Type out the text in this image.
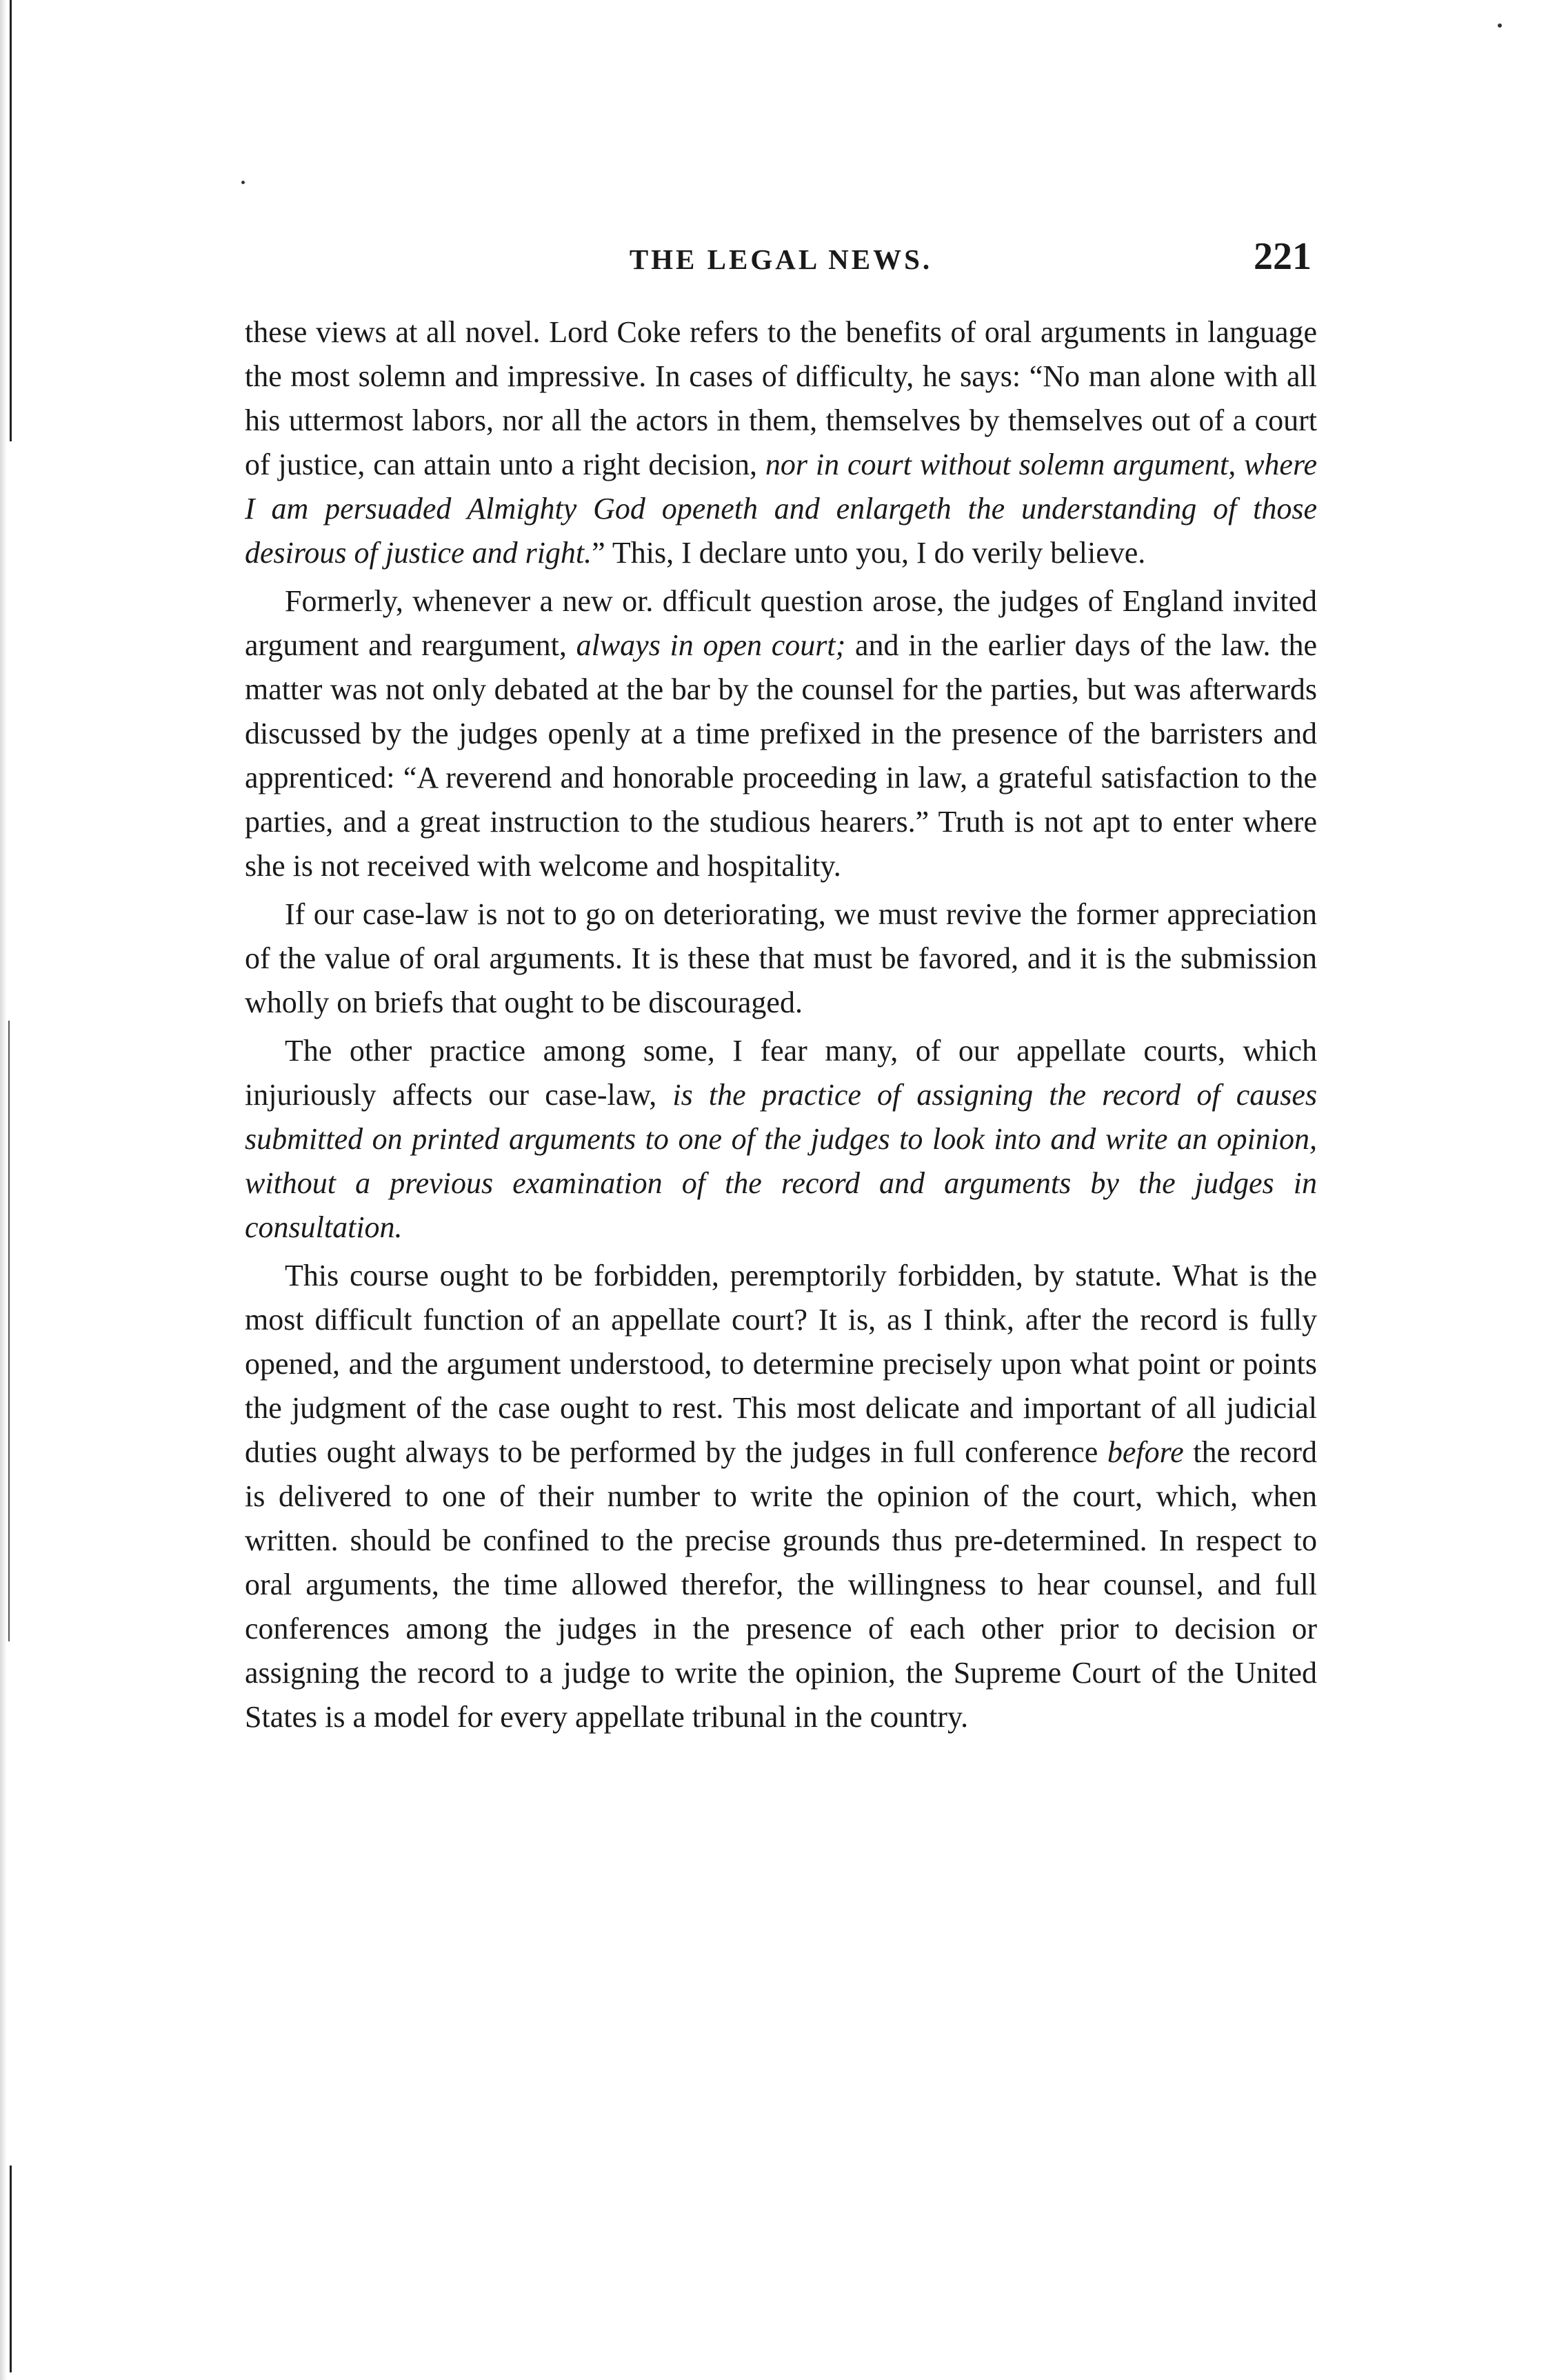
THE LEGAL NEWS.	221

these views at all novel. Lord Coke refers to the benefits of oral arguments in language the most solemn and impressive. In cases of difficulty, he says: “No man alone with all his uttermost labors, nor all the actors in them, themselves by themselves out of a court of justice, can attain unto a right decision, nor in court without solemn argument, where I am persuaded Almighty God openeth and enlargeth the understanding of those desirous of justice and right.” This, I declare unto you, I do verily believe.

Formerly, whenever a new or. dfficult question arose, the judges of England invited argument and reargument, always in open court; and in the earlier days of the law. the matter was not only debated at the bar by the counsel for the parties, but was afterwards discussed by the judges openly at a time prefixed in the presence of the barristers and apprenticed: “A reverend and honorable proceeding in law, a grateful satisfaction to the parties, and a great instruction to the studious hearers.” Truth is not apt to enter where she is not received with welcome and hospitality.

If our case-law is not to go on deteriorating, we must revive the former appreciation of the value of oral arguments. It is these that must be favored, and it is the submission wholly on briefs that ought to be discouraged.

The other practice among some, I fear many, of our appellate courts, which injuriously affects our case-law, is the practice of assigning the record of causes submitted on printed arguments to one of the judges to look into and write an opinion, without a previous examination of the record and arguments by the judges in consultation.

This course ought to be forbidden, peremptorily forbidden, by statute. What is the most difficult function of an appellate court? It is, as I think, after the record is fully opened, and the argument understood, to determine precisely upon what point or points the judgment of the case ought to rest. This most delicate and important of all judicial duties ought always to be performed by the judges in full conference before the record is delivered to one of their number to write the opinion of the court, which, when written. should be confined to the precise grounds thus pre-determined. In respect to oral arguments, the time allowed therefor, the willingness to hear counsel, and full conferences among the judges in the presence of each other prior to decision or assigning the record to a judge to write the opinion, the Supreme Court of the United States is a model for every appellate tribunal in the country.
